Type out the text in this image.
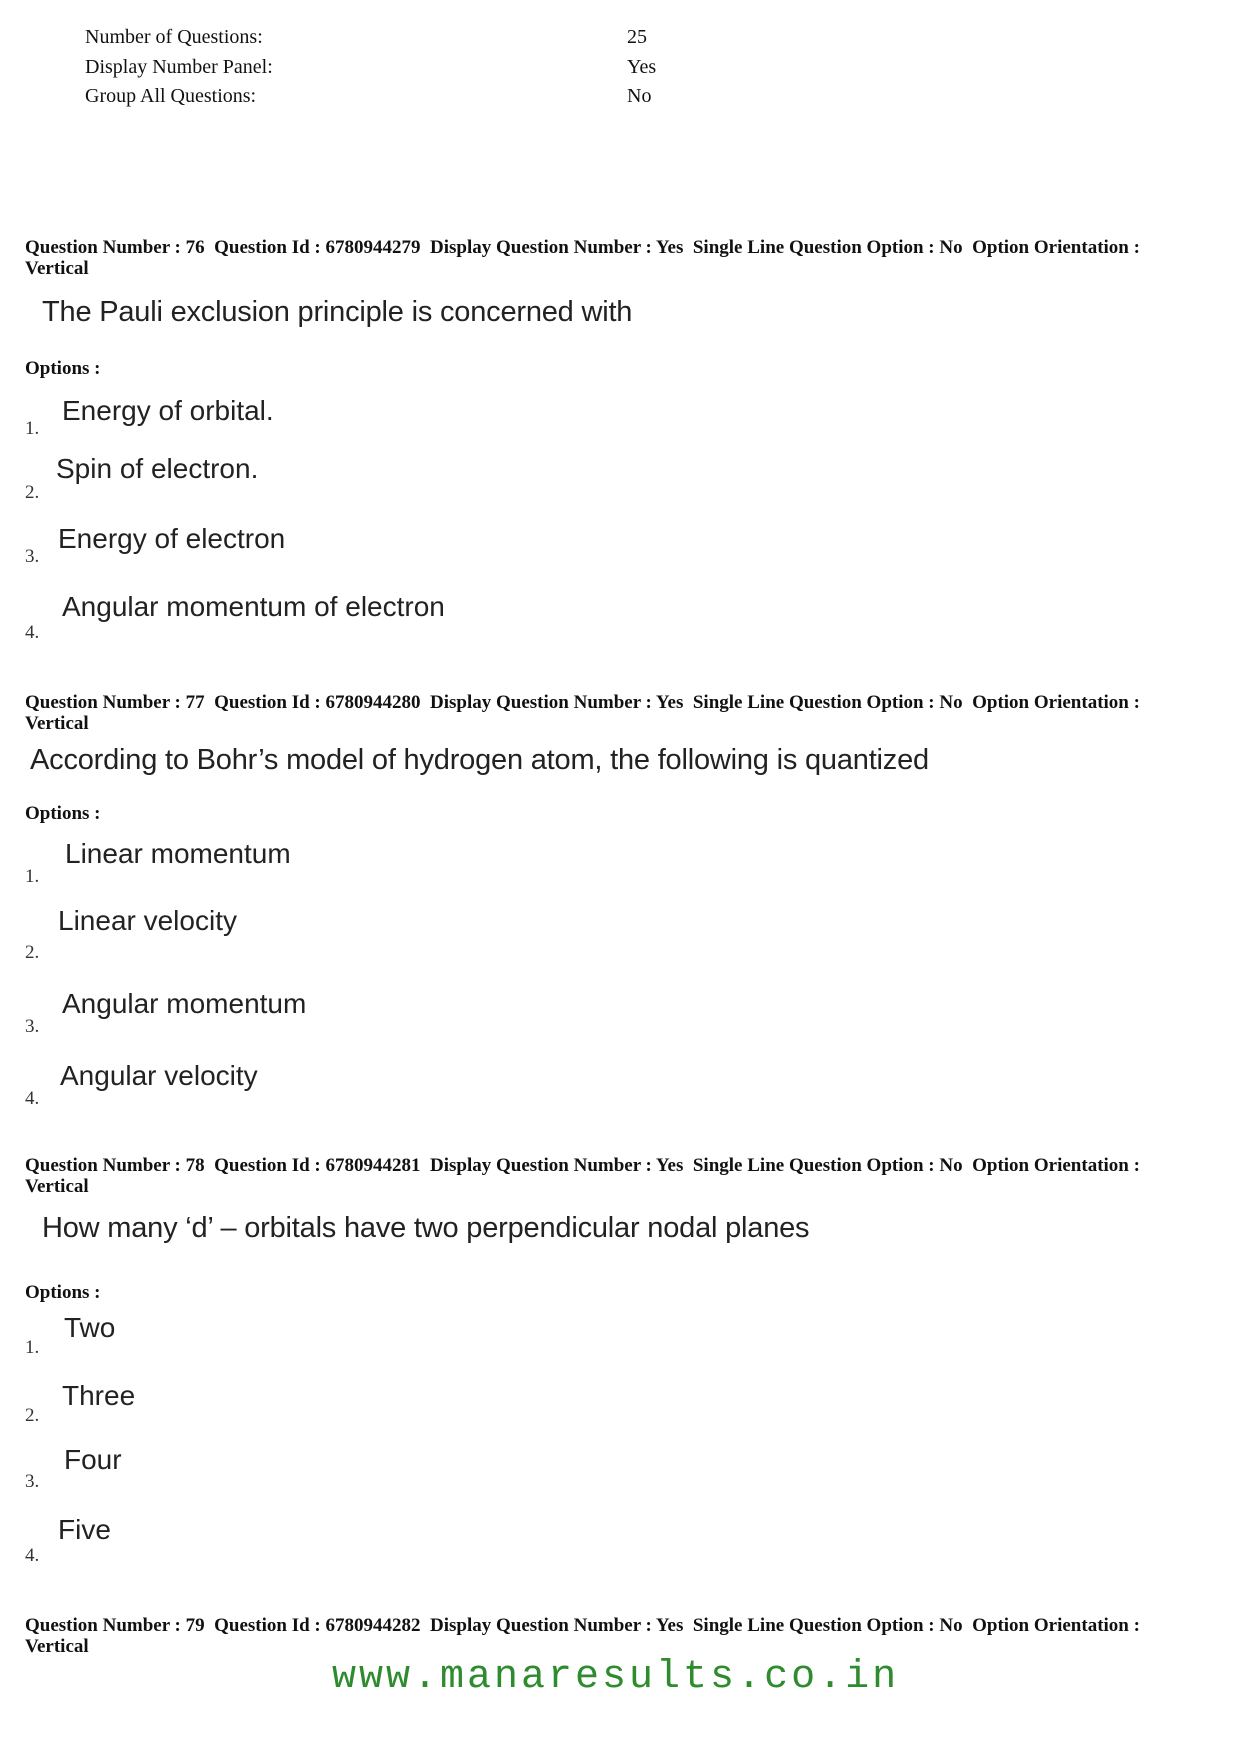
Number of Questions:	25
Display Number Panel:	Yes
Group All Questions:	No
Question Number : 76  Question Id : 6780944279  Display Question Number : Yes  Single Line Question Option : No  Option Orientation : Vertical
The Pauli exclusion principle is concerned with
Options :
1.
Energy of orbital.
2.
Spin of electron.
3.
Energy of electron
4.
Angular momentum of electron
Question Number : 77  Question Id : 6780944280  Display Question Number : Yes  Single Line Question Option : No  Option Orientation : Vertical
According to Bohr’s model of hydrogen atom, the following is quantized
Options :
1.
Linear momentum
2.
Linear velocity
3.
Angular momentum
4.
Angular velocity
Question Number : 78  Question Id : 6780944281  Display Question Number : Yes  Single Line Question Option : No  Option Orientation : Vertical
How many ‘d’ – orbitals have two perpendicular nodal planes
Options :
1.
Two
2.
Three
3.
Four
4.
Five
Question Number : 79  Question Id : 6780944282  Display Question Number : Yes  Single Line Question Option : No  Option Orientation : Vertical
www.manaresults.co.in
